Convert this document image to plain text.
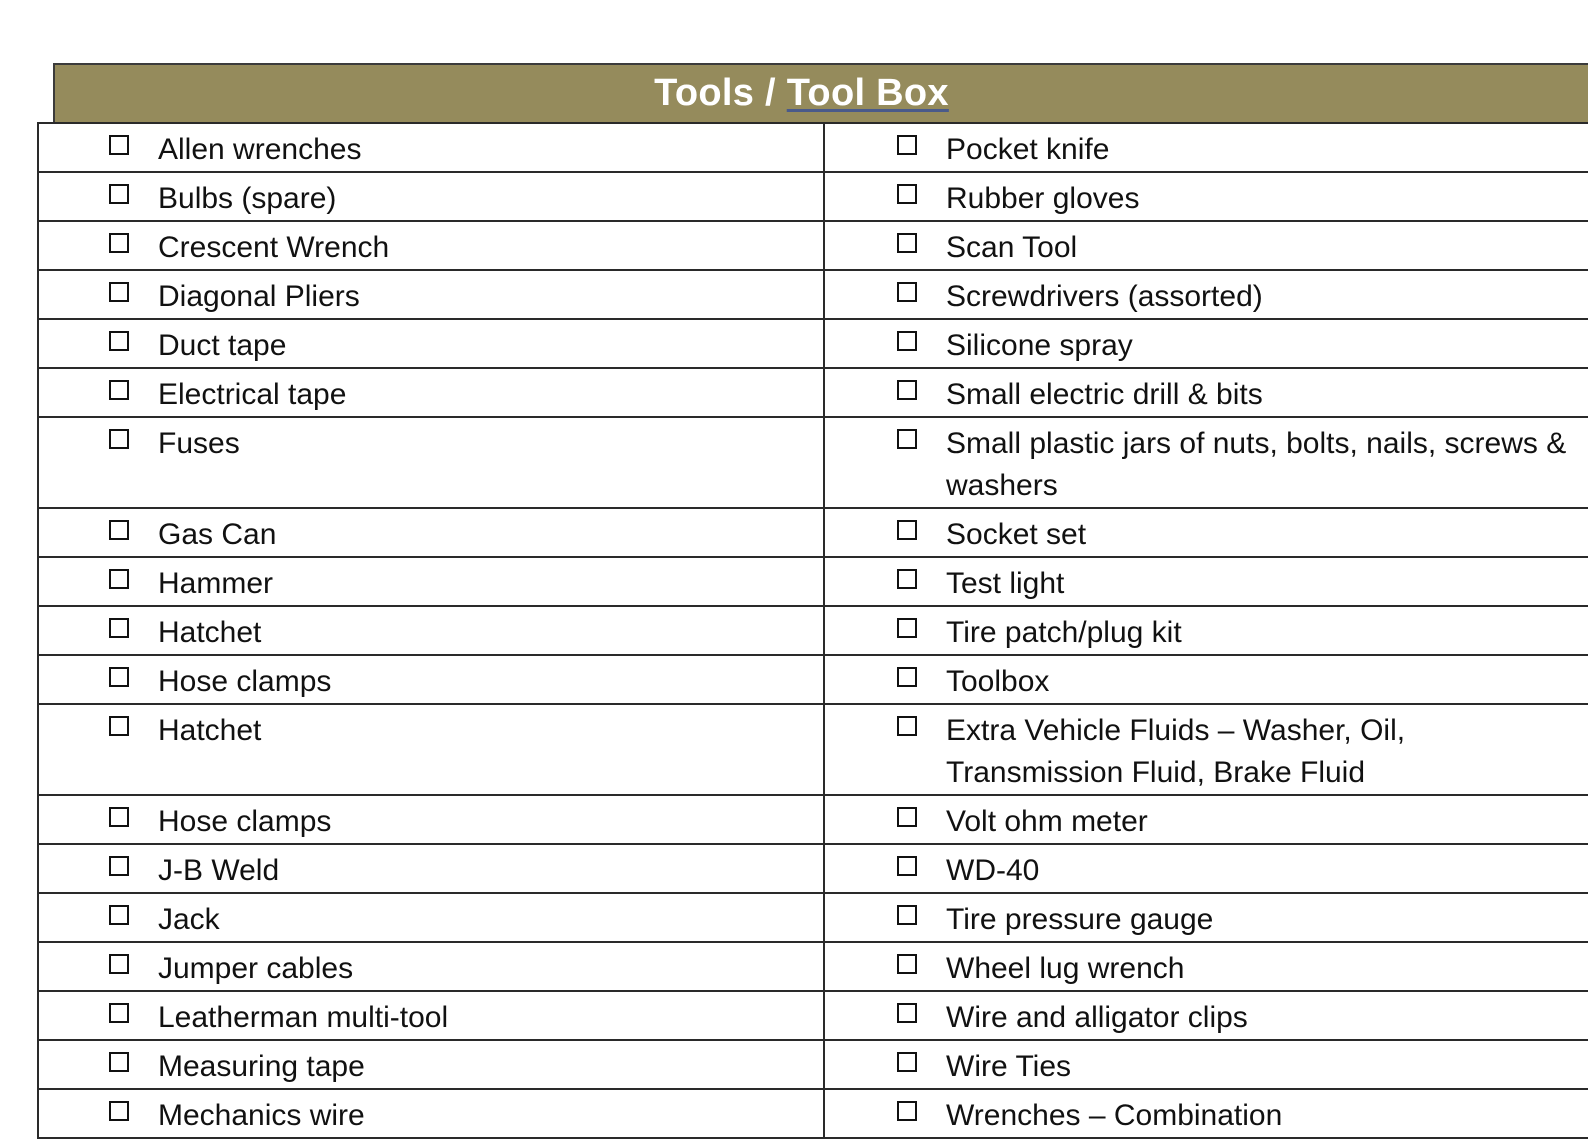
Tools / Tool Box
Allen wrenches	Pocket knife

Bulbs (spare)	Rubber gloves

Crescent Wrench	Scan Tool

Diagonal Pliers	Screwdrivers (assorted)

Duct tape	Silicone spray

Electrical tape	Small electric drill & bits

Fuses	Small plastic jars of nuts, bolts, nails, screws & washers

Gas Can	Socket set

Hammer	Test light

Hatchet	Tire patch/plug kit

Hose clamps	Toolbox

Hatchet	Extra Vehicle Fluids – Washer, Oil, Transmission Fluid, Brake Fluid

Hose clamps	Volt ohm meter

J-B Weld	WD-40

Jack	Tire pressure gauge

Jumper cables	Wheel lug wrench

Leatherman multi-tool	Wire and alligator clips

Measuring tape	Wire Ties

Mechanics wire	Wrenches – Combination
